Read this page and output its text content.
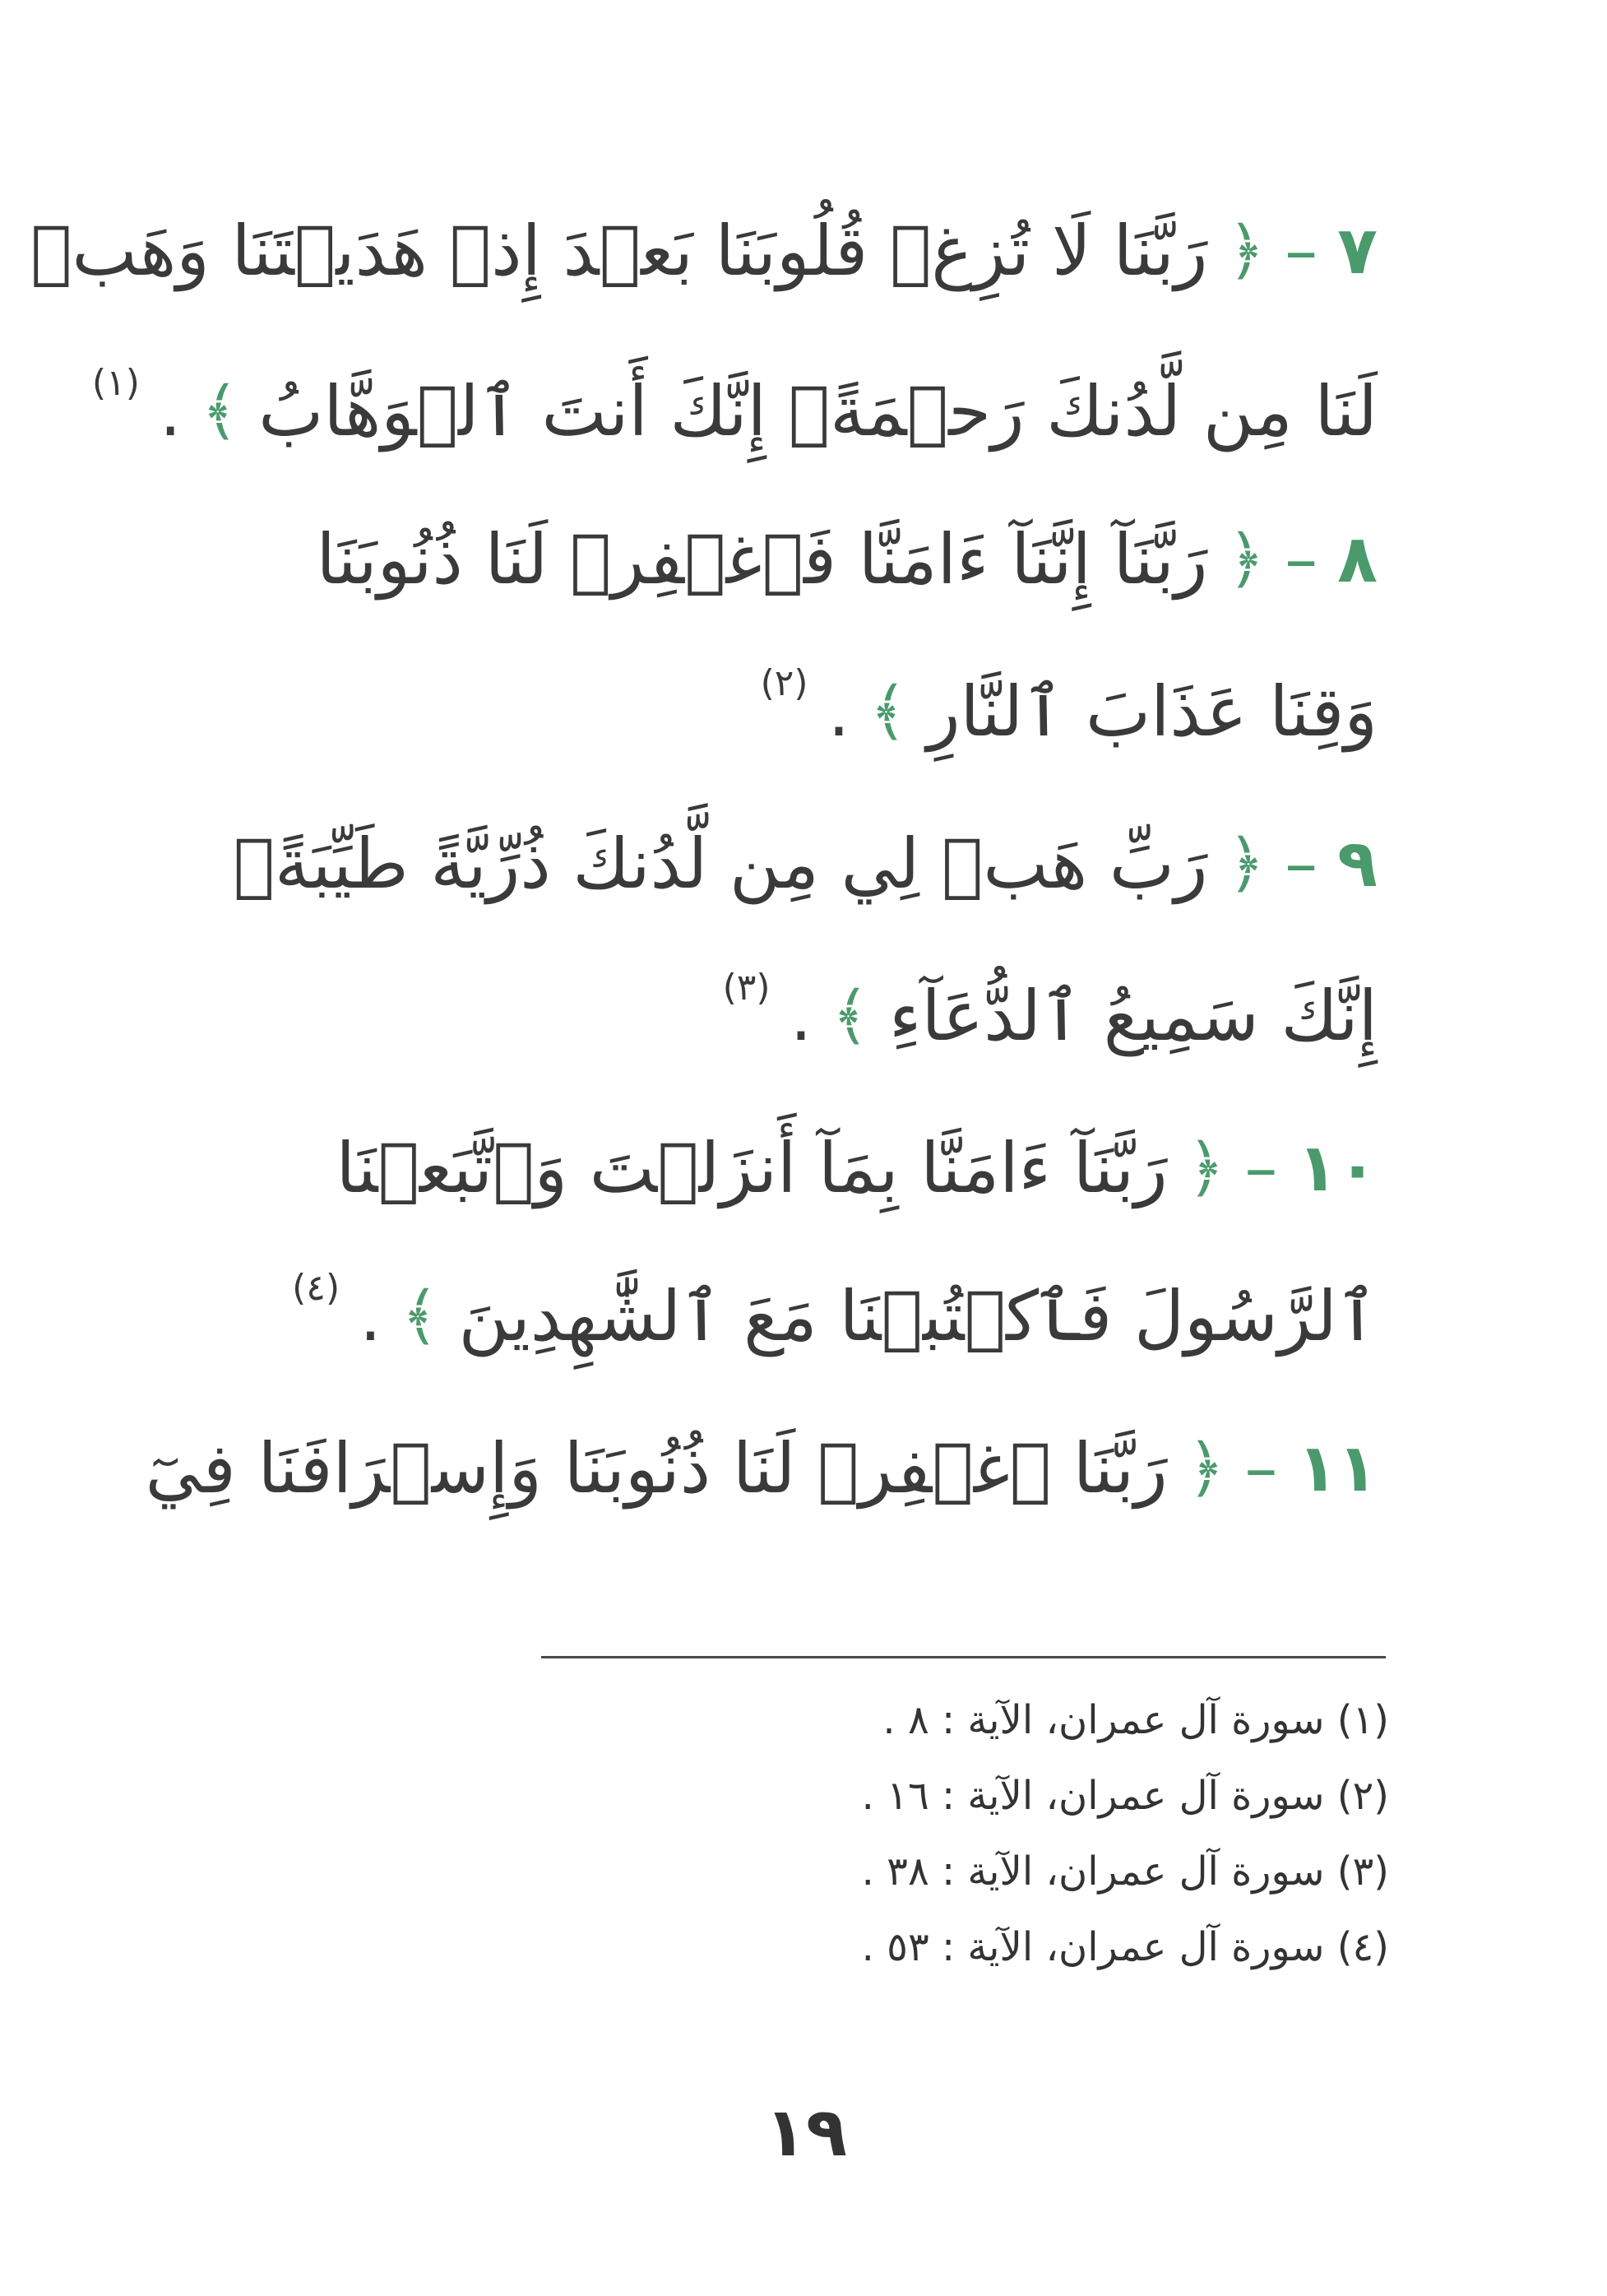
٧
–
﴿
رَبَّنَا لَا تُزِغۡ قُلُوبَنَا بَعۡدَ إِذۡ هَدَيۡتَنَا وَهَبۡ
لَنَا مِن لَّدُنكَ رَحۡمَةًۚ إِنَّكَ أَنتَ ٱلۡوَهَّابُ
﴾
.
(١)
٨
–
﴿
رَبَّنَآ إِنَّنَآ ءَامَنَّا فَٱغۡفِرۡ لَنَا ذُنُوبَنَا
وَقِنَا عَذَابَ ٱلنَّارِ
﴾
.
(٢)
٩
–
﴿
رَبِّ هَبۡ لِي مِن لَّدُنكَ ذُرِّيَّةً طَيِّبَةًۖ
إِنَّكَ سَمِيعُ ٱلدُّعَآءِ
﴾
.
(٣)
١٠
–
﴿
رَبَّنَآ ءَامَنَّا بِمَآ أَنزَلۡتَ وَٱتَّبَعۡنَا
ٱلرَّسُولَ فَٱكۡتُبۡنَا مَعَ ٱلشَّٰهِدِينَ
﴾
.
(٤)
١١
–
﴿
رَبَّنَا ٱغۡفِرۡ لَنَا ذُنُوبَنَا وَإِسۡرَافَنَا فِيٓ
(١) سورة آل عمران، الآية : ٨ .
(٢) سورة آل عمران، الآية : ١٦ .
(٣) سورة آل عمران، الآية : ٣٨ .
(٤) سورة آل عمران، الآية : ٥٣ .
١٩
